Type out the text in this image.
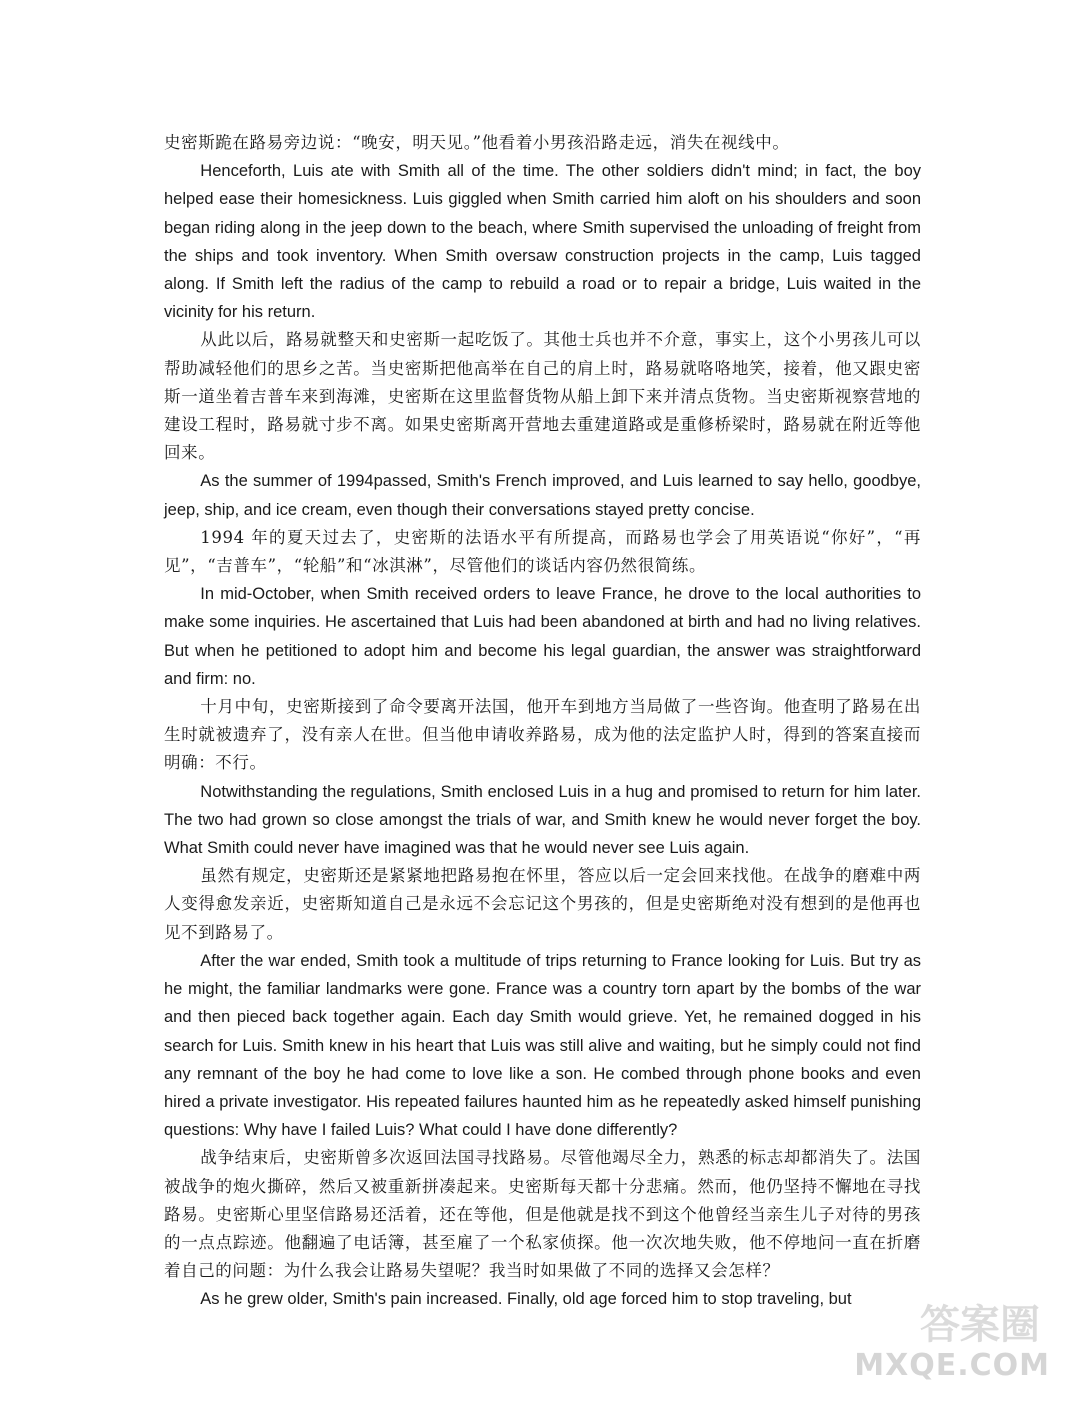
史密斯跪在路易旁边说：“晚安，明天见。”他看着小男孩沿路走远，消失在视线中。

Henceforth, Luis ate with Smith all of the time. The other soldiers didn't mind; in fact, the boy helped ease their homesickness. Luis giggled when Smith carried him aloft on his shoulders and soon began riding along in the jeep down to the beach, where Smith supervised the unloading of freight from the ships and took inventory. When Smith oversaw construction projects in the camp, Luis tagged along. If Smith left the radius of the camp to rebuild a road or to repair a bridge, Luis waited in the vicinity for his return.

从此以后，路易就整天和史密斯一起吃饭了。其他士兵也并不介意，事实上，这个小男孩儿可以帮助减轻他们的思乡之苦。当史密斯把他高举在自己的肩上时，路易就咯咯地笑，接着，他又跟史密斯一道坐着吉普车来到海滩，史密斯在这里监督货物从船上卸下来并清点货物。当史密斯视察营地的建设工程时，路易就寸步不离。如果史密斯离开营地去重建道路或是重修桥梁时，路易就在附近等他回来。

As the summer of 1994passed, Smith's French improved, and Luis learned to say hello, goodbye, jeep, ship, and ice cream, even though their conversations stayed pretty concise.

1994 年的夏天过去了，史密斯的法语水平有所提高，而路易也学会了用英语说“你好”，“再见”，“吉普车”，“轮船”和“冰淇淋”，尽管他们的谈话内容仍然很简练。

In mid-October, when Smith received orders to leave France, he drove to the local authorities to make some inquiries. He ascertained that Luis had been abandoned at birth and had no living relatives. But when he petitioned to adopt him and become his legal guardian, the answer was straightforward and firm: no.

十月中旬，史密斯接到了命令要离开法国，他开车到地方当局做了一些咨询。他查明了路易在出生时就被遗弃了，没有亲人在世。但当他申请收养路易，成为他的法定监护人时，得到的答案直接而明确：不行。

Notwithstanding the regulations, Smith enclosed Luis in a hug and promised to return for him later. The two had grown so close amongst the trials of war, and Smith knew he would never forget the boy. What Smith could never have imagined was that he would never see Luis again.

虽然有规定，史密斯还是紧紧地把路易抱在怀里，答应以后一定会回来找他。在战争的磨难中两人变得愈发亲近，史密斯知道自己是永远不会忘记这个男孩的，但是史密斯绝对没有想到的是他再也见不到路易了。

After the war ended, Smith took a multitude of trips returning to France looking for Luis. But try as he might, the familiar landmarks were gone. France was a country torn apart by the bombs of the war and then pieced back together again. Each day Smith would grieve. Yet, he remained dogged in his search for Luis. Smith knew in his heart that Luis was still alive and waiting, but he simply could not find any remnant of the boy he had come to love like a son. He combed through phone books and even hired a private investigator. His repeated failures haunted him as he repeatedly asked himself punishing questions: Why have I failed Luis? What could I have done differently?

战争结束后，史密斯曾多次返回法国寻找路易。尽管他竭尽全力，熟悉的标志却都消失了。法国被战争的炮火撕碎，然后又被重新拼凑起来。史密斯每天都十分悲痛。然而，他仍坚持不懈地在寻找路易。史密斯心里坚信路易还活着，还在等他，但是他就是找不到这个他曾经当亲生儿子对待的男孩的一点点踪迹。他翻遍了电话簿，甚至雇了一个私家侦探。他一次次地失败，他不停地问一直在折磨着自己的问题：为什么我会让路易失望呢？我当时如果做了不同的选择又会怎样？

As he grew older, Smith's pain increased. Finally, old age forced him to stop traveling, but

答案圈
MXQE.COM
